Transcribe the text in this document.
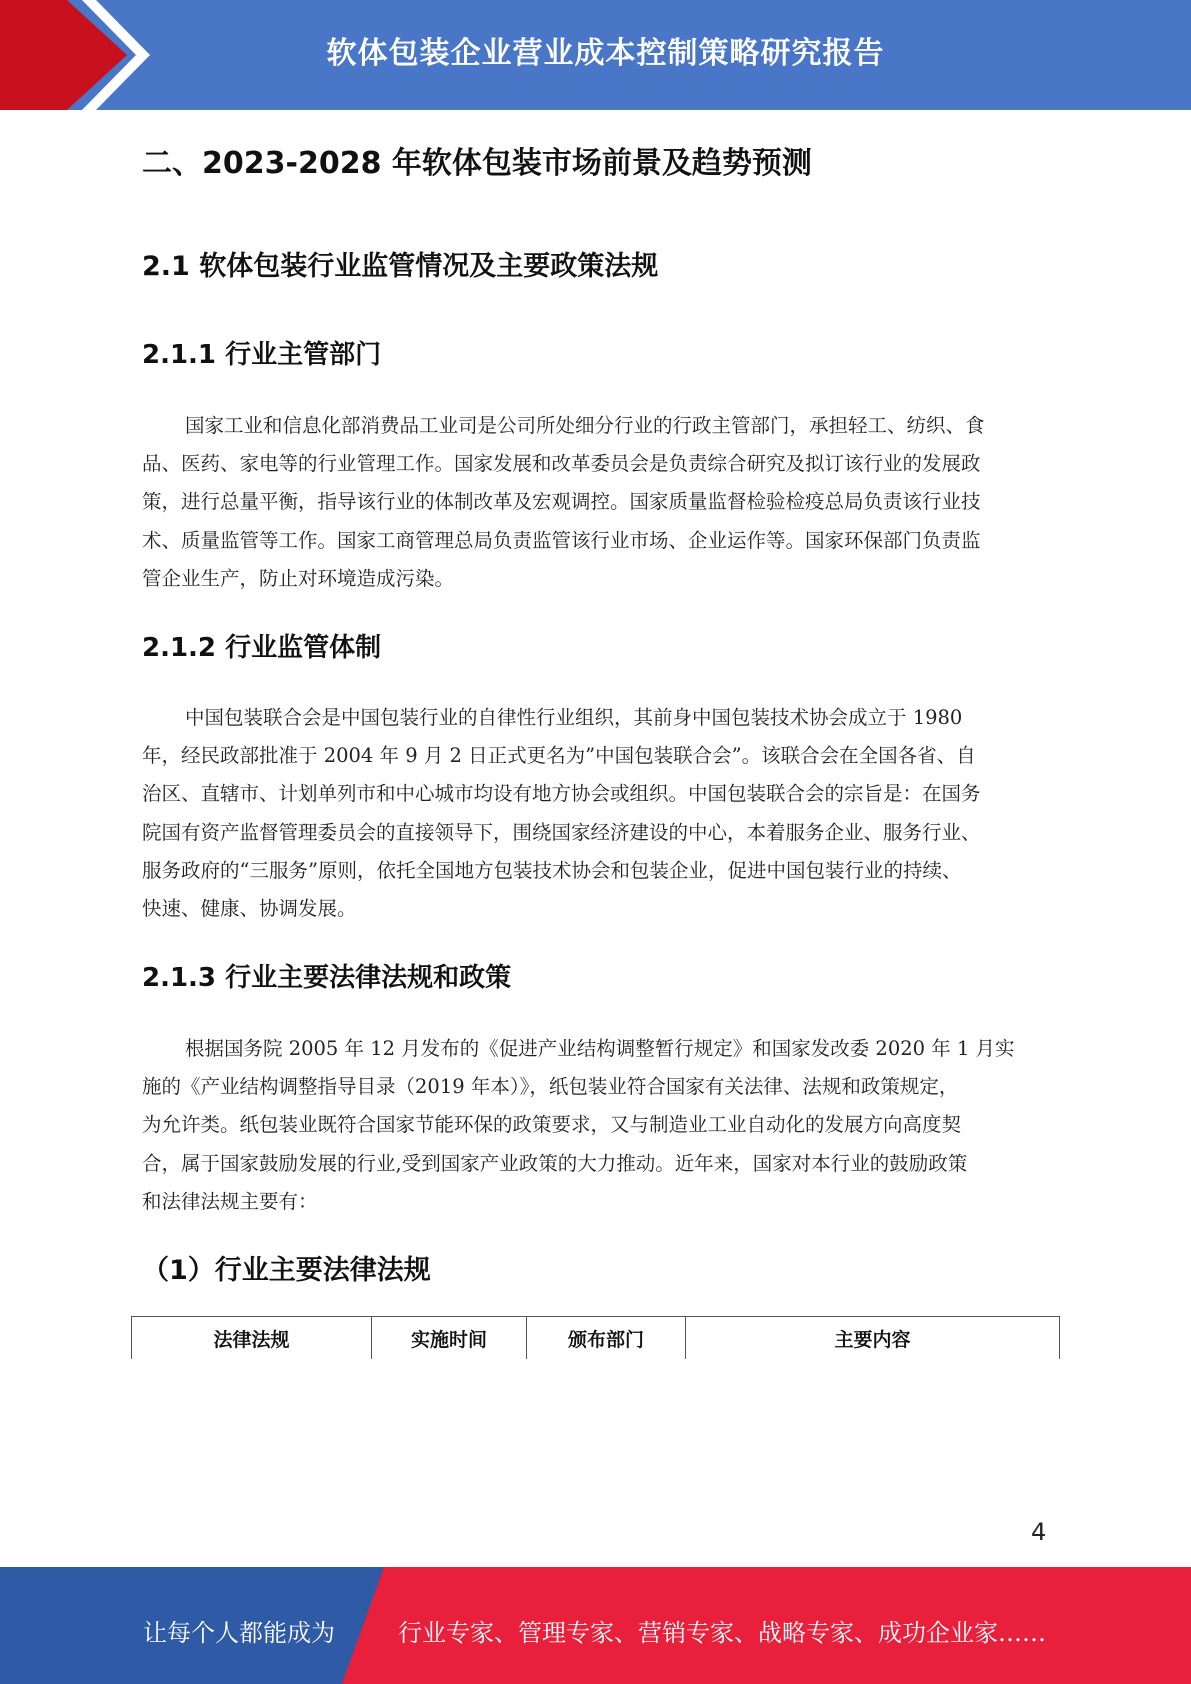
软体包装企业营业成本控制策略研究报告
二、2023-2028 年软体包装市场前景及趋势预测
2.1 软体包装行业监管情况及主要政策法规
2.1.1 行业主管部门
国家工业和信息化部消费品工业司是公司所处细分行业的行政主管部门，承担轻工、纺织、食
品、医药、家电等的行业管理工作。国家发展和改革委员会是负责综合研究及拟订该行业的发展政
策，进行总量平衡，指导该行业的体制改革及宏观调控。国家质量监督检验检疫总局负责该行业技
术、质量监管等工作。国家工商管理总局负责监管该行业市场、企业运作等。国家环保部门负责监
管企业生产，防止对环境造成污染。
2.1.2 行业监管体制
中国包装联合会是中国包装行业的自律性行业组织，其前身中国包装技术协会成立于 1980
年，经民政部批准于 2004 年 9 月 2 日正式更名为”中国包装联合会”。该联合会在全国各省、自
治区、直辖市、计划单列市和中心城市均设有地方协会或组织。中国包装联合会的宗旨是：在国务
院国有资产监督管理委员会的直接领导下，围绕国家经济建设的中心，本着服务企业、服务行业、
服务政府的“三服务”原则，依托全国地方包装技术协会和包装企业，促进中国包装行业的持续、
快速、健康、协调发展。
2.1.3 行业主要法律法规和政策
根据国务院 2005 年 12 月发布的《促进产业结构调整暂行规定》和国家发改委 2020 年 1 月实
施的《产业结构调整指导目录（2019 年本）》，纸包装业符合国家有关法律、法规和政策规定，
为允许类。纸包装业既符合国家节能环保的政策要求，又与制造业工业自动化的发展方向高度契
合，属于国家鼓励发展的行业,受到国家产业政策的大力推动。近年来，国家对本行业的鼓励政策
和法律法规主要有：
（1）行业主要法律法规
法律法规	实施时间	颁布部门	主要内容
4
让每个人都能成为	行业专家、管理专家、营销专家、战略专家、成功企业家……
